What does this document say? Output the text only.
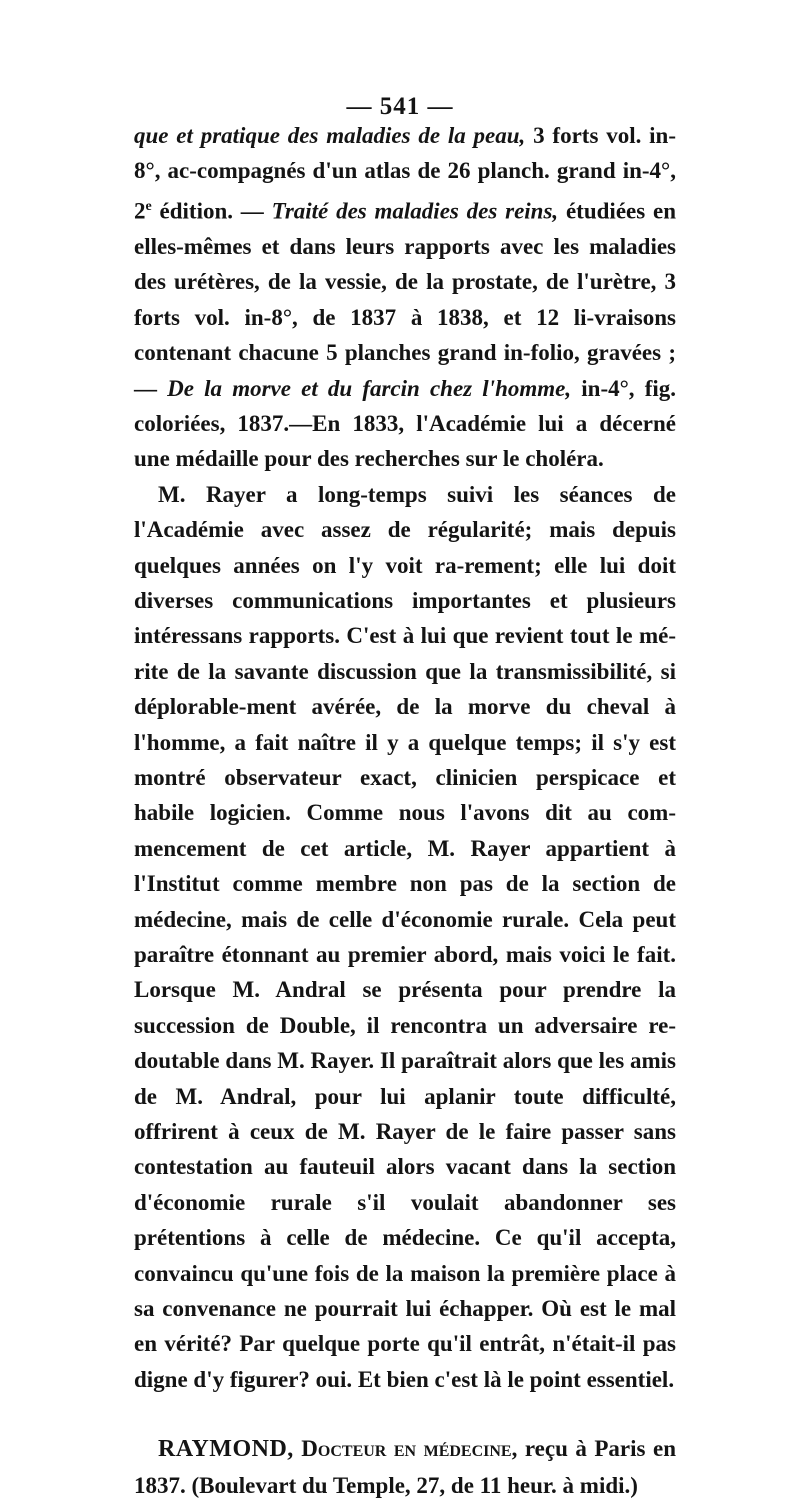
— 541 —

que et pratique des maladies de la peau, 3 forts vol. in-8°, ac-compagnés d'un atlas de 26 planch. grand in-4°, 2e édition. — Traité des maladies des reins, étudiées en elles-mêmes et dans leurs rapports avec les maladies des urétères, de la vessie, de la prostate, de l'urètre, 3 forts vol. in-8°, de 1837 à 1838, et 12 li-vraisons contenant chacune 5 planches grand in-folio, gravées ; — De la morve et du farcin chez l'homme, in-4°, fig. coloriées, 1837.—En 1833, l'Académie lui a décerné une médaille pour des recherches sur le choléra.

M. Rayer a long-temps suivi les séances de l'Académie avec assez de régularité; mais depuis quelques années on l'y voit ra-rement; elle lui doit diverses communications importantes et plusieurs intéressans rapports. C'est à lui que revient tout le mé-rite de la savante discussion que la transmissibilité, si déplorable-ment avérée, de la morve du cheval à l'homme, a fait naître il y a quelque temps; il s'y est montré observateur exact, clinicien perspicace et habile logicien. Comme nous l'avons dit au com-mencement de cet article, M. Rayer appartient à l'Institut comme membre non pas de la section de médecine, mais de celle d'économie rurale. Cela peut paraître étonnant au premier abord, mais voici le fait. Lorsque M. Andral se présenta pour prendre la succession de Double, il rencontra un adversaire re-doutable dans M. Rayer. Il paraîtrait alors que les amis de M. Andral, pour lui aplanir toute difficulté, offrirent à ceux de M. Rayer de le faire passer sans contestation au fauteuil alors vacant dans la section d'économie rurale s'il voulait abandonner ses prétentions à celle de médecine. Ce qu'il accepta, convaincu qu'une fois de la maison la première place à sa convenance ne pourrait lui échapper. Où est le mal en vérité? Par quelque porte qu'il entrât, n'était-il pas digne d'y figurer? oui. Et bien c'est là le point essentiel.

RAYMOND, Docteur en médecine, reçu à Paris en 1837. (Boulevart du Temple, 27, de 11 heur. à midi.)
